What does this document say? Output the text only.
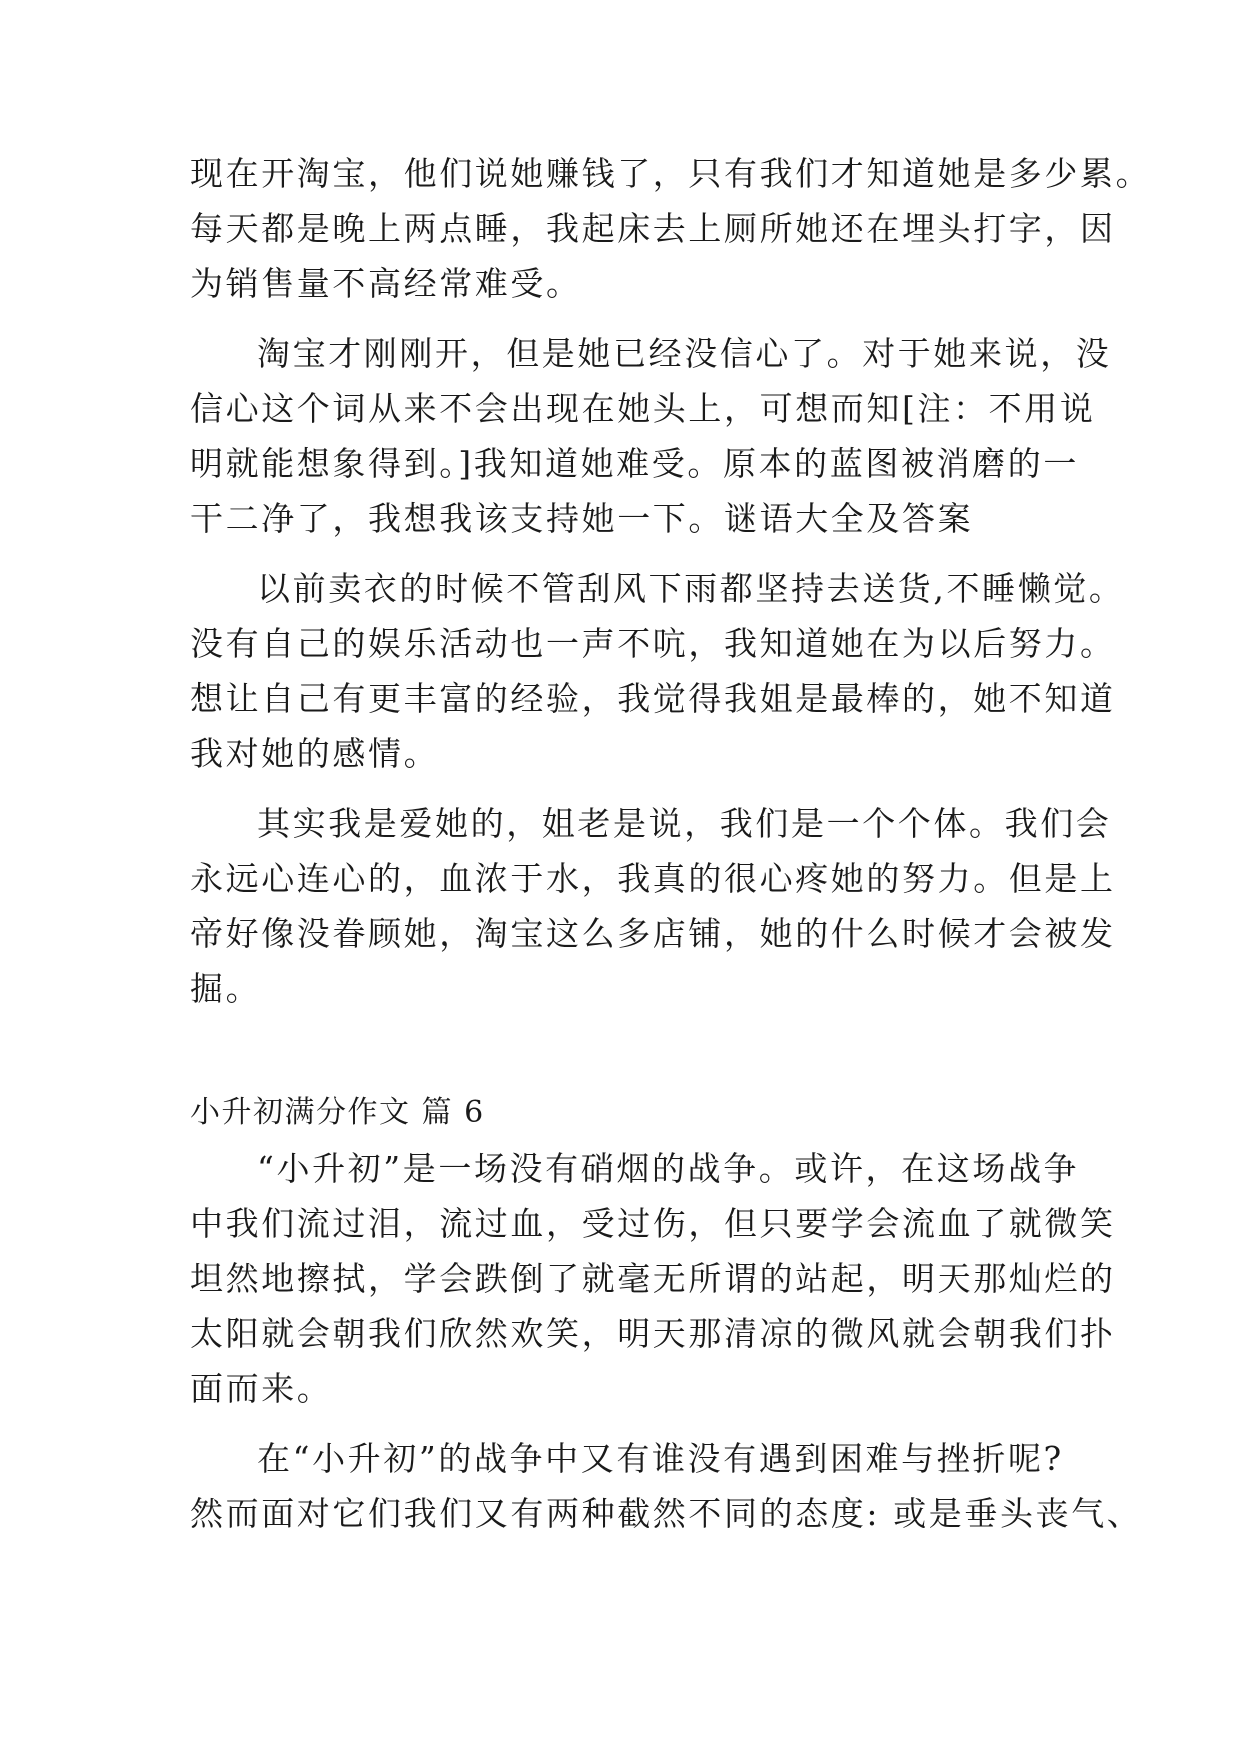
现在开淘宝，他们说她赚钱了，只有我们才知道她是多少累。
每天都是晚上两点睡，我起床去上厕所她还在埋头打字，因
为销售量不高经常难受。
淘宝才刚刚开，但是她已经没信心了。对于她来说，没
信心这个词从来不会出现在她头上，可想而知[注：不用说
明就能想象得到。]我知道她难受。原本的蓝图被消磨的一
干二净了，我想我该支持她一下。谜语大全及答案
以前卖衣的时候不管刮风下雨都坚持去送货,不睡懒觉。
没有自己的娱乐活动也一声不吭，我知道她在为以后努力。
想让自己有更丰富的经验，我觉得我姐是最棒的，她不知道
我对她的感情。
其实我是爱她的，姐老是说，我们是一个个体。我们会
永远心连心的，血浓于水，我真的很心疼她的努力。但是上
帝好像没眷顾她，淘宝这么多店铺，她的什么时候才会被发
掘。
小升初满分作文 篇 6
“小升初”是一场没有硝烟的战争。或许，在这场战争
中我们流过泪，流过血，受过伤，但只要学会流血了就微笑
坦然地擦拭，学会跌倒了就毫无所谓的站起，明天那灿烂的
太阳就会朝我们欣然欢笑，明天那清凉的微风就会朝我们扑
面而来。
在“小升初”的战争中又有谁没有遇到困难与挫折呢?
然而面对它们我们又有两种截然不同的态度: 或是垂头丧气、
